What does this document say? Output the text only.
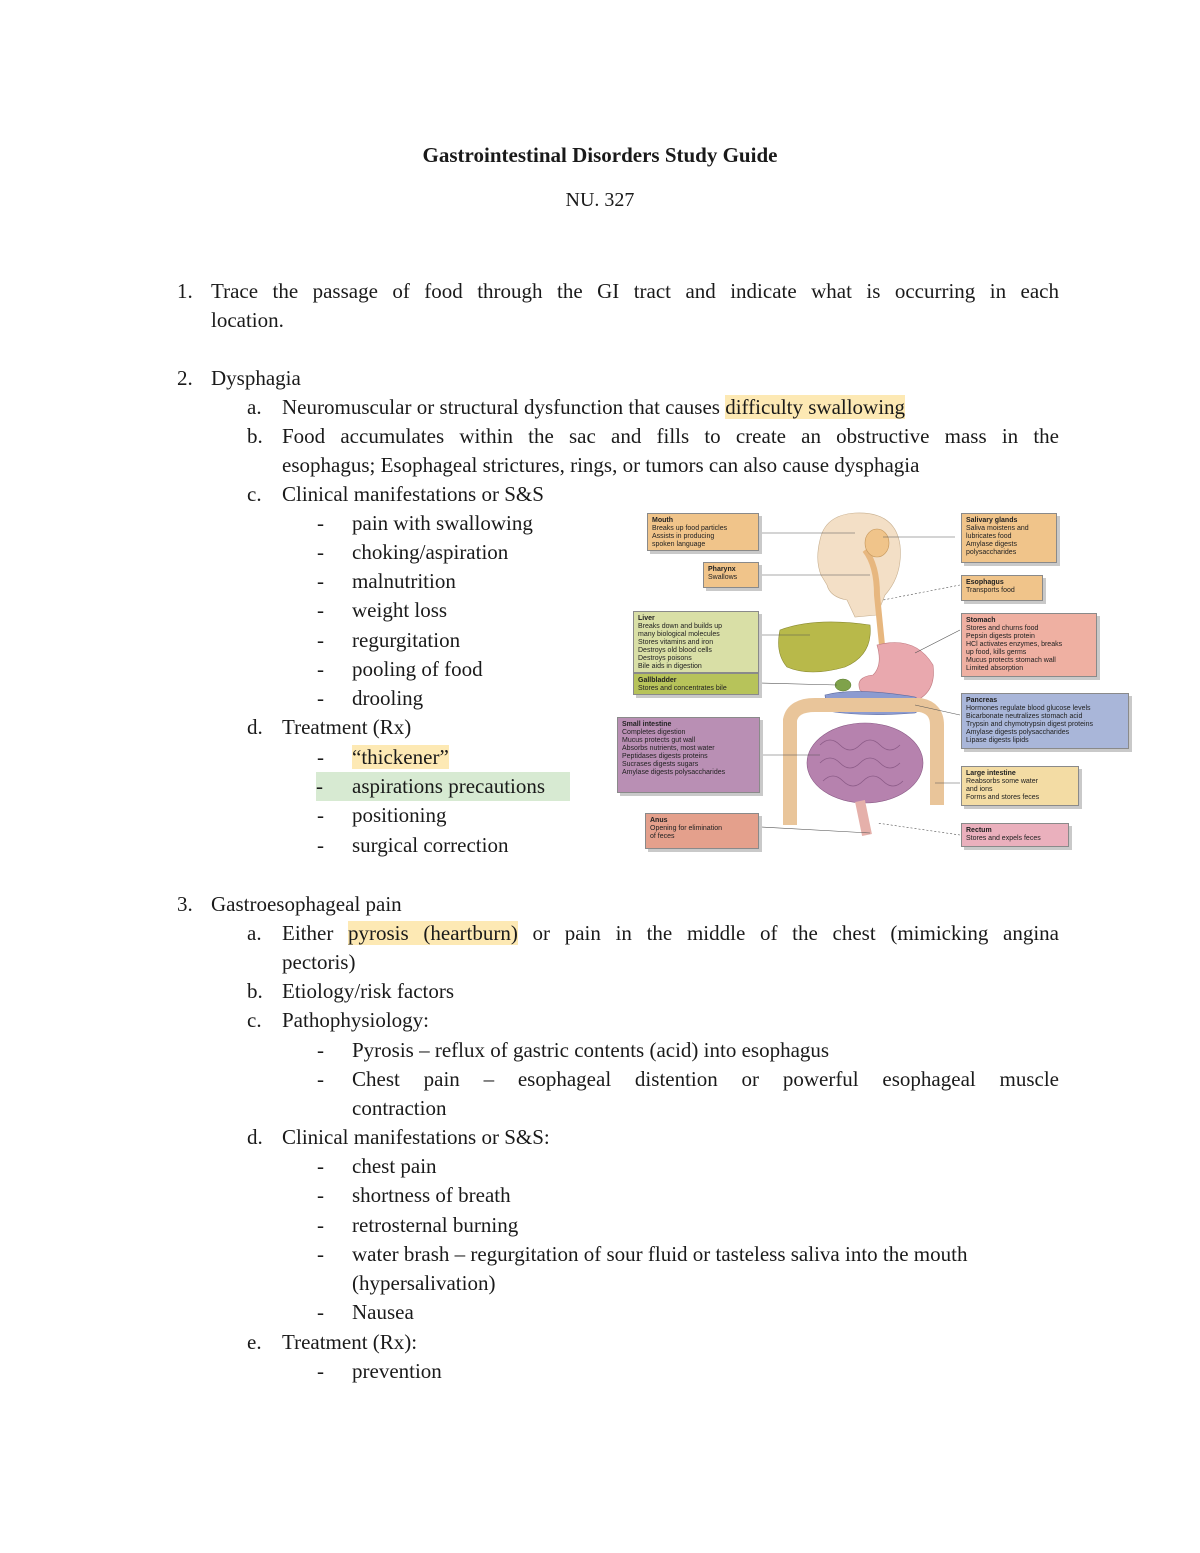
Gastrointestinal Disorders Study Guide
NU. 327
1. Trace the passage of food through the GI tract and indicate what is occurring in each
location.
2. Dysphagia
a. Neuromuscular or structural dysfunction that causes difficulty swallowing
b. Food accumulates within the sac and fills to create an obstructive mass in the
esophagus; Esophageal strictures, rings, or tumors can also cause dysphagia
c. Clinical manifestations or S&S
- pain with swallowing
- choking/aspiration
- malnutrition
- weight loss
- regurgitation
- pooling of food
- drooling
d. Treatment (Rx)
- “thickener”
- aspirations precautions
- positioning
- surgical correction
Mouth
Breaks up food particles
Assists in producing
spoken language
Pharynx
Swallows
Liver
Breaks down and builds up
many biological molecules
Stores vitamins and iron
Destroys old blood cells
Destroys poisons
Bile aids in digestion
Gallbladder
Stores and concentrates bile
Small intestine
Completes digestion
Mucus protects gut wall
Absorbs nutrients, most water
Peptidases digests proteins
Sucrases digests sugars
Amylase digests polysaccharides
Anus
Opening for elimination
of feces
Salivary glands
Saliva moistens and
lubricates food
Amylase digests
polysaccharides
Esophagus
Transports food
Stomach
Stores and churns food
Pepsin digests protein
HCl activates enzymes, breaks
up food, kills germs
Mucus protects stomach wall
Limited absorption
Pancreas
Hormones regulate blood glucose levels
Bicarbonate neutralizes stomach acid
Trypsin and chymotrypsin digest proteins
Amylase digests polysaccharides
Lipase digests lipids
Large intestine
Reabsorbs some water
and ions
Forms and stores feces
Rectum
Stores and expels feces
3. Gastroesophageal pain
a. Either pyrosis (heartburn) or pain in the middle of the chest (mimicking angina
pectoris)
b. Etiology/risk factors
c. Pathophysiology:
- Pyrosis – reflux of gastric contents (acid) into esophagus
- Chest pain – esophageal distention or powerful esophageal muscle
contraction
d. Clinical manifestations or S&S:
- chest pain
- shortness of breath
- retrosternal burning
- water brash – regurgitation of sour fluid or tasteless saliva into the mouth
(hypersalivation)
- Nausea
e. Treatment (Rx):
- prevention
